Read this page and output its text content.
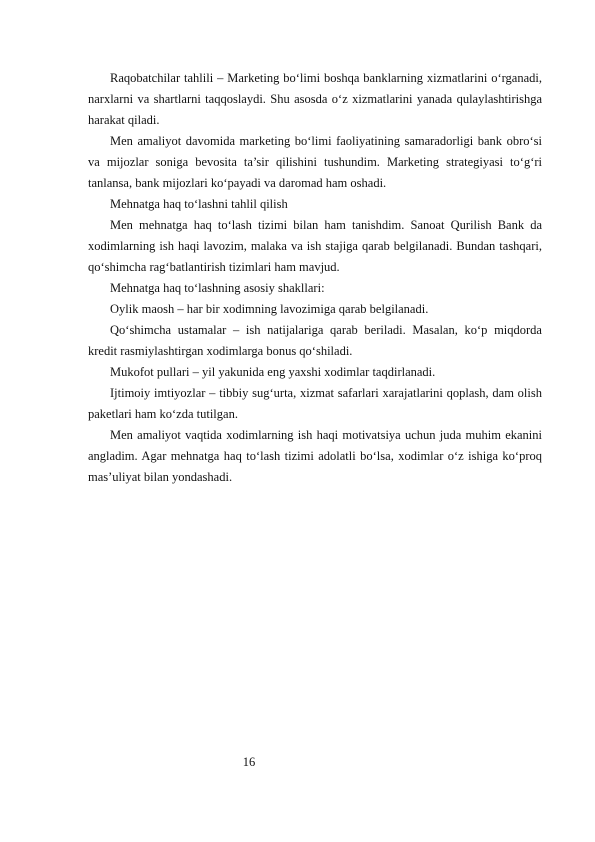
Raqobatchilar tahlili – Marketing bo‘limi boshqa banklarning xizmatlarini o‘rganadi, narxlarni va shartlarni taqqoslaydi. Shu asosda o‘z xizmatlarini yanada qulaylashtirishga harakat qiladi.

Men amaliyot davomida marketing bo‘limi faoliyatining samaradorligi bank obro‘si va mijozlar soniga bevosita ta’sir qilishini tushundim. Marketing strategiyasi to‘g‘ri tanlansa, bank mijozlari ko‘payadi va daromad ham oshadi.

Mehnatga haq to‘lashni tahlil qilish

Men mehnatga haq to‘lash tizimi bilan ham tanishdim. Sanoat Qurilish Bank da xodimlarning ish haqi lavozim, malaka va ish stajiga qarab belgilanadi. Bundan tashqari, qo‘shimcha rag‘batlantirish tizimlari ham mavjud.

Mehnatga haq to‘lashning asosiy shakllari:

Oylik maosh – har bir xodimning lavozimiga qarab belgilanadi.

Qo‘shimcha ustamalar – ish natijalariga qarab beriladi. Masalan, ko‘p miqdorda kredit rasmiylashtirgan xodimlarga bonus qo‘shiladi.

Mukofot pullari – yil yakunida eng yaxshi xodimlar taqdirlanadi.

Ijtimoiy imtiyozlar – tibbiy sug‘urta, xizmat safarlari xarajatlarini qoplash, dam olish paketlari ham ko‘zda tutilgan.

Men amaliyot vaqtida xodimlarning ish haqi motivatsiya uchun juda muhim ekanini angladim. Agar mehnatga haq to‘lash tizimi adolatli bo‘lsa, xodimlar o‘z ishiga ko‘proq mas’uliyat bilan yondashadi.

16
